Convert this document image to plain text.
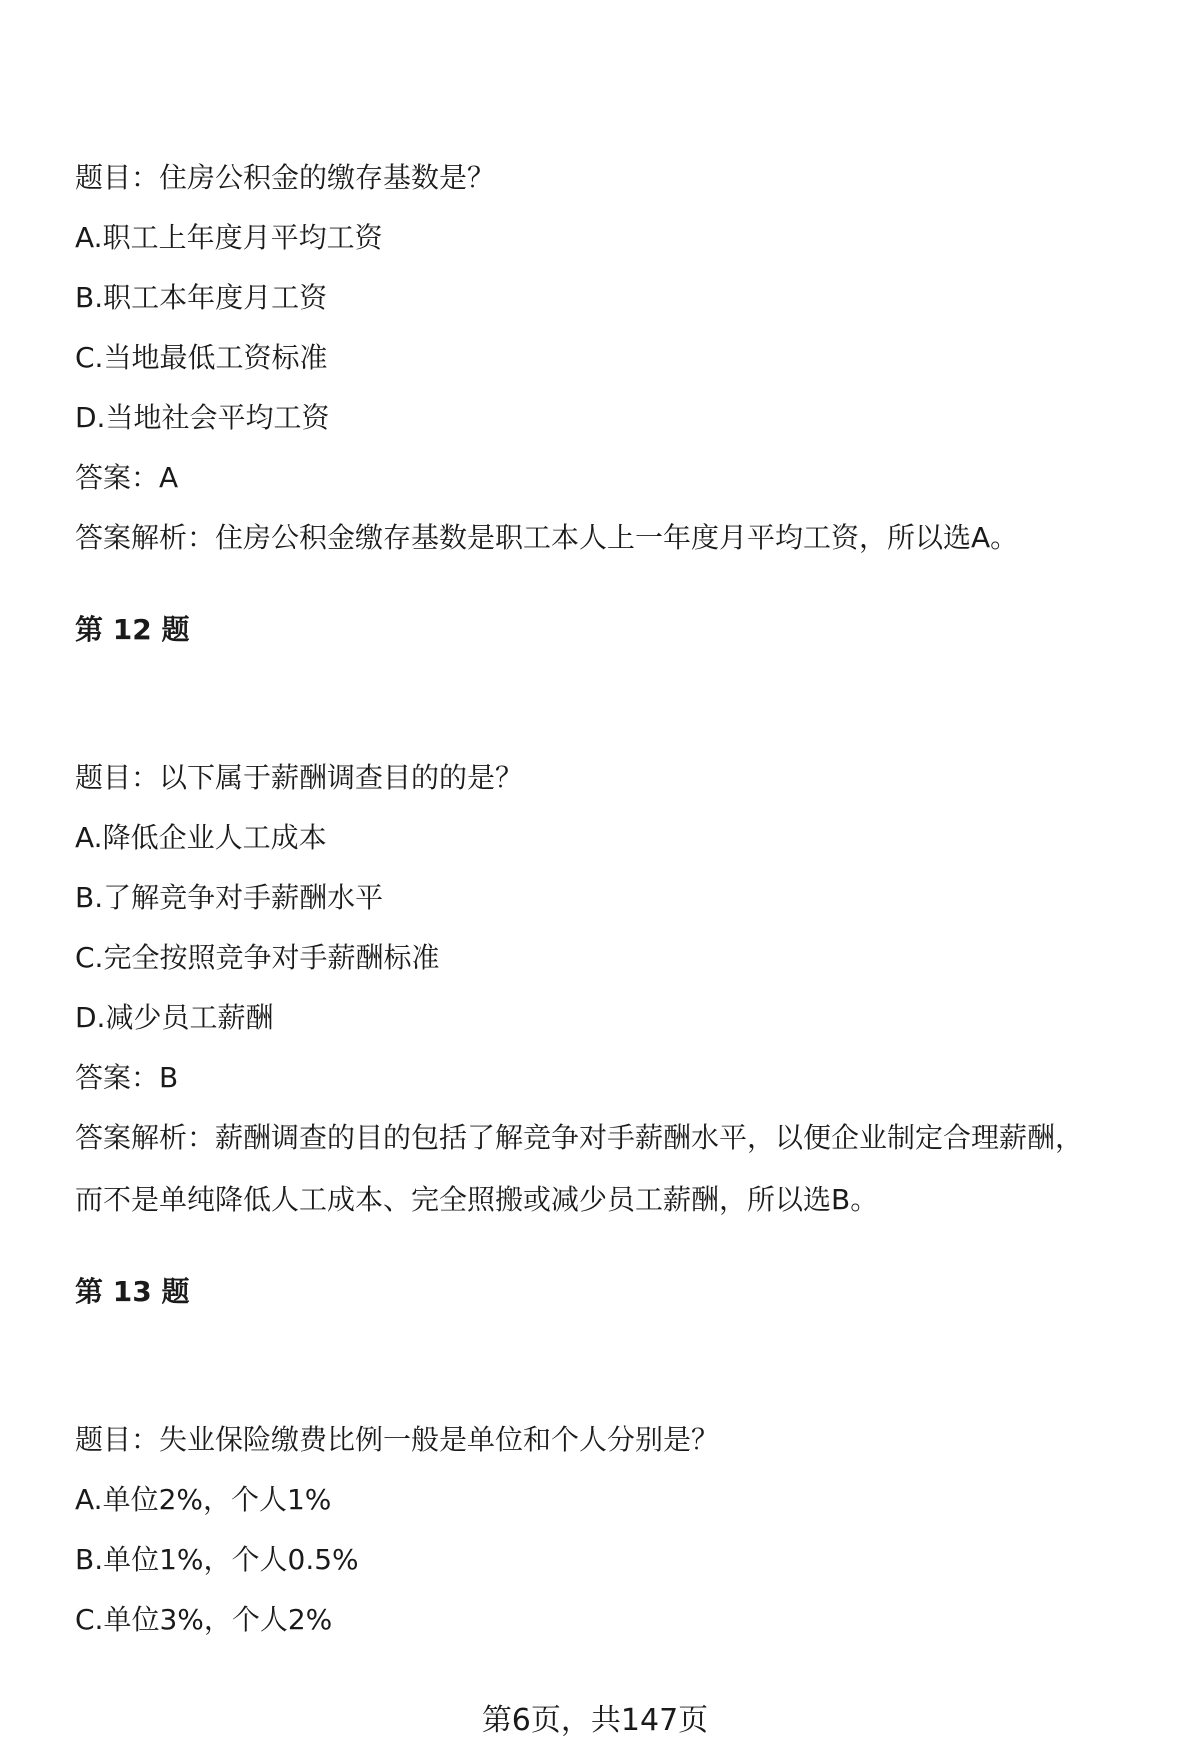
题目：住房公积金的缴存基数是？
A.职工上年度月平均工资
B.职工本年度月工资
C.当地最低工资标准
D.当地社会平均工资
答案：A
答案解析：住房公积金缴存基数是职工本人上一年度月平均工资，所以选A。
第 12 题
题目：以下属于薪酬调查目的的是？
A.降低企业人工成本
B.了解竞争对手薪酬水平
C.完全按照竞争对手薪酬标准
D.减少员工薪酬
答案：B
答案解析：薪酬调查的目的包括了解竞争对手薪酬水平，以便企业制定合理薪酬，
而不是单纯降低人工成本、完全照搬或减少员工薪酬，所以选B。
第 13 题
题目：失业保险缴费比例一般是单位和个人分别是？
A.单位2%，个人1%
B.单位1%，个人0.5%
C.单位3%，个人2%
第6页，共147页
